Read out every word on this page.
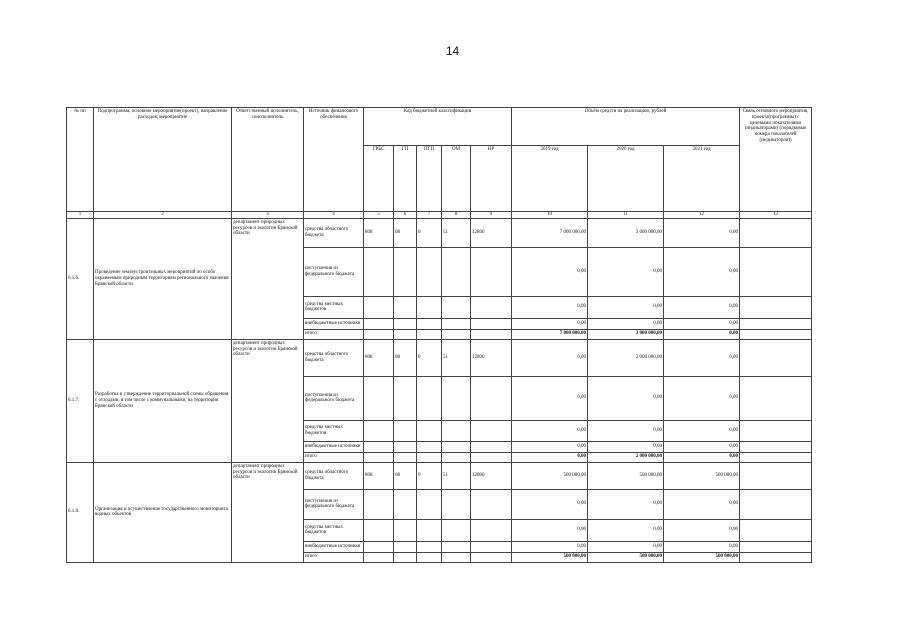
14
№ пп	Подпрограмма, основное мероприятие(проект), направление расходов, мероприятие	Ответственный исполнитель, соисполнитель	Источник финансового обеспечения	Код бюджетной классификации					Объём средств на реализацию, рублей			Связь основного мероприятия, проекта(программы) с целевыми показателями (индикаторами) (порядковые номера показателей (индикаторов))
				ГРБС	ГП	ПГП	ОМ	НР	2019 год	2020 год	2021 год	
1	2	3	4	5	6	7	8	9	10	11	12	13
6.1.6.	Проведение землеустроительных мероприятий по особо охраняемым природным территориям регионального значения Брянской области	департамент природных ресурсов и экологии Брянской области	средства областного бюджета	808	08	0	51	12800	7 000 000,00	3 000 000,00	0,00	
			поступления из федерального бюджета						0,00	0,00	0,00	
			средства местных бюджетов						0,00	0,00	0,00	
			внебюджетные источники						0,00	0,00	0,00	
			итого						7 000 000,00	3 000 000,00	0,00	
6.1.7.	Разработка и утверждение территориальной схемы обращения с отходами, в том числе с коммунальными, на территории Брянской области	департамент природных ресурсов и экологии Брянской области	средства областного бюджета	808	08	0	51	12800	0,00	2 000 000,00	0,00	
			поступления из федерального бюджета						0,00	0,00	0,00	
			средства местных бюджетов						0,00	0,00	0,00	
			внебюджетные источники						0,00	0,00	0,00	
			итого						0,00	2 000 000,00	0,00	
6.1.8.	Организация и осуществление государственного мониторинга водных объектов	департамент природных ресурсов и экологии Брянской области	средства областного бюджета	808	08	0	51	12800	500 000,00	500 000,00	500 000,00	
			поступления из федерального бюджета						0,00	0,00	0,00	
			средства местных бюджетов						0,00	0,00	0,00	
			внебюджетные источники						0,00	0,00	0,00	
			итого						500 000,00	500 000,00	500 000,00	
